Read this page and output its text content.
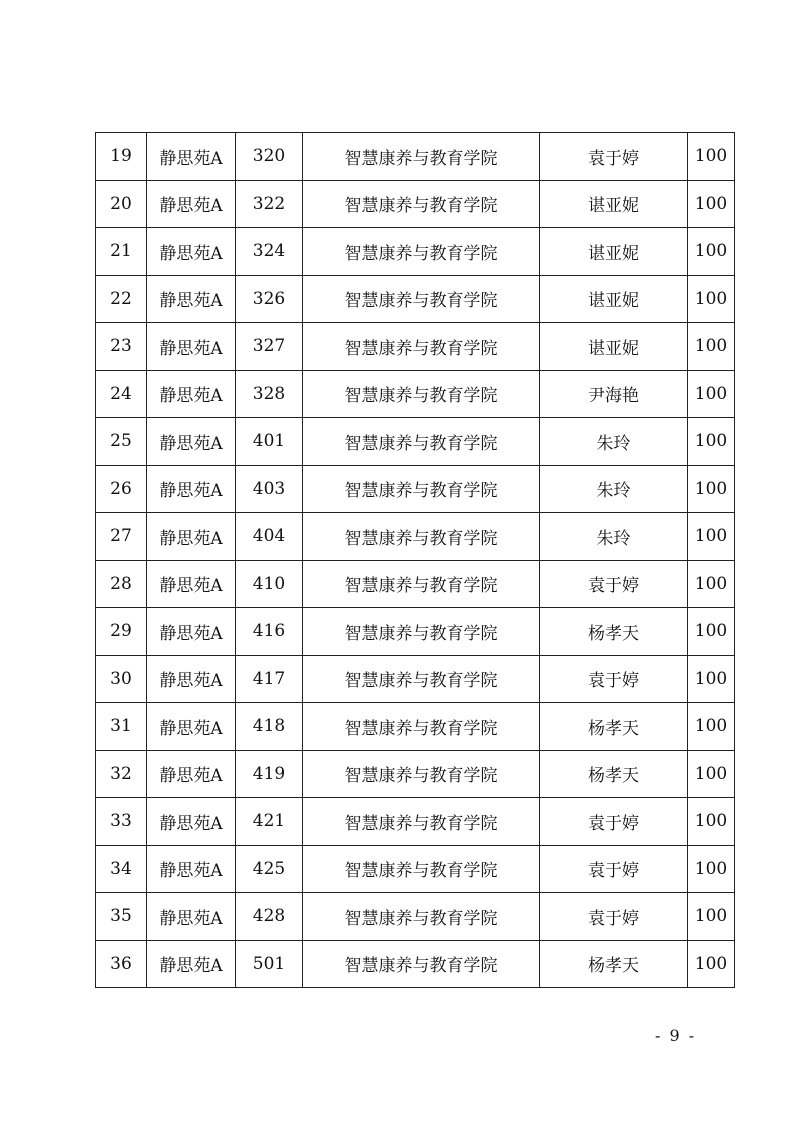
19	静思苑A	320	智慧康养与教育学院	袁于婷	100
20	静思苑A	322	智慧康养与教育学院	谌亚妮	100
21	静思苑A	324	智慧康养与教育学院	谌亚妮	100
22	静思苑A	326	智慧康养与教育学院	谌亚妮	100
23	静思苑A	327	智慧康养与教育学院	谌亚妮	100
24	静思苑A	328	智慧康养与教育学院	尹海艳	100
25	静思苑A	401	智慧康养与教育学院	朱玲	100
26	静思苑A	403	智慧康养与教育学院	朱玲	100
27	静思苑A	404	智慧康养与教育学院	朱玲	100
28	静思苑A	410	智慧康养与教育学院	袁于婷	100
29	静思苑A	416	智慧康养与教育学院	杨孝天	100
30	静思苑A	417	智慧康养与教育学院	袁于婷	100
31	静思苑A	418	智慧康养与教育学院	杨孝天	100
32	静思苑A	419	智慧康养与教育学院	杨孝天	100
33	静思苑A	421	智慧康养与教育学院	袁于婷	100
34	静思苑A	425	智慧康养与教育学院	袁于婷	100
35	静思苑A	428	智慧康养与教育学院	袁于婷	100
36	静思苑A	501	智慧康养与教育学院	杨孝天	100
- 9 -
